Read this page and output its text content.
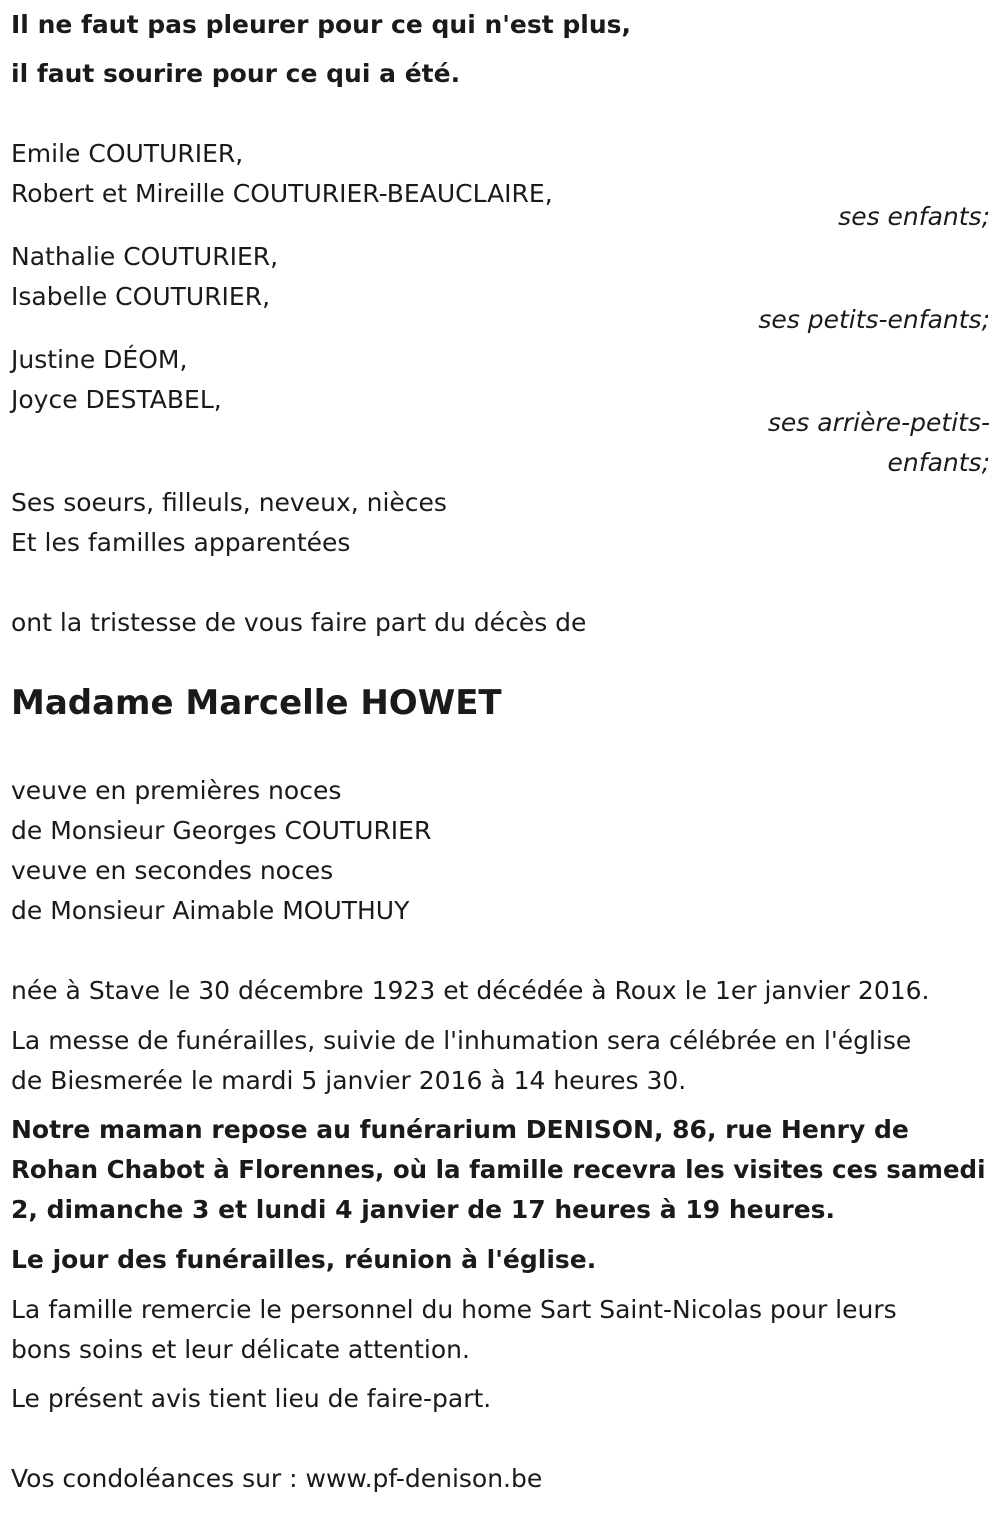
Il ne faut pas pleurer pour ce qui n'est plus,
il faut sourire pour ce qui a été.
Emile COUTURIER,
Robert et Mireille COUTURIER-BEAUCLAIRE,
ses enfants;
Nathalie COUTURIER,
Isabelle COUTURIER,
ses petits-enfants;
Justine DÉOM,
Joyce DESTABEL,
ses arrière-petits-
enfants;
Ses soeurs, filleuls, neveux, nièces
Et les familles apparentées
ont la tristesse de vous faire part du décès de
Madame Marcelle HOWET
veuve en premières noces
de Monsieur Georges COUTURIER
veuve en secondes noces
de Monsieur Aimable MOUTHUY
née à Stave le 30 décembre 1923 et décédée à Roux le 1er janvier 2016.
La messe de funérailles, suivie de l'inhumation sera célébrée en l'église
de Biesmerée le mardi 5 janvier 2016 à 14 heures 30.
Notre maman repose au funérarium DENISON, 86, rue Henry de
Rohan Chabot à Florennes, où la famille recevra les visites ces samedi
2, dimanche 3 et lundi 4 janvier de 17 heures à 19 heures.
Le jour des funérailles, réunion à l'église.
La famille remercie le personnel du home Sart Saint-Nicolas pour leurs
bons soins et leur délicate attention.
Le présent avis tient lieu de faire-part.
Vos condoléances sur : www.pf-denison.be
